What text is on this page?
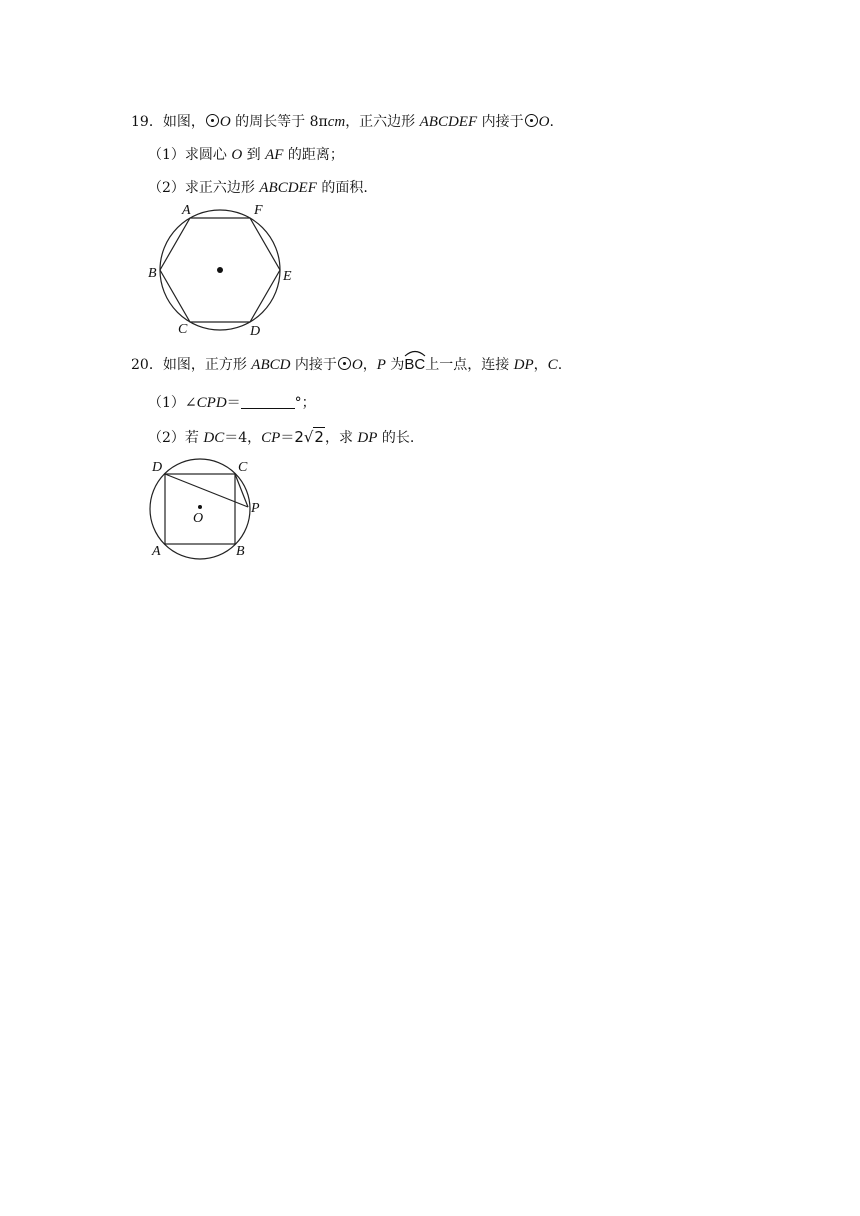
19．如图， O 的周长等于 8πcm，正六边形 ABCDEF 内接于 O.
（1）求圆心 O 到 AF 的距离；
（2）求正六边形 ABCDEF 的面积.
A	F
B	E
C	D
20．如图，正方形 ABCD 内接于 O，P 为
BC上一点，连接 DP，C.
（1）∠CPD＝	°；
（2）若 DC＝4，CP＝2√2，求 DP 的长.
D	C
P
O
A	B
